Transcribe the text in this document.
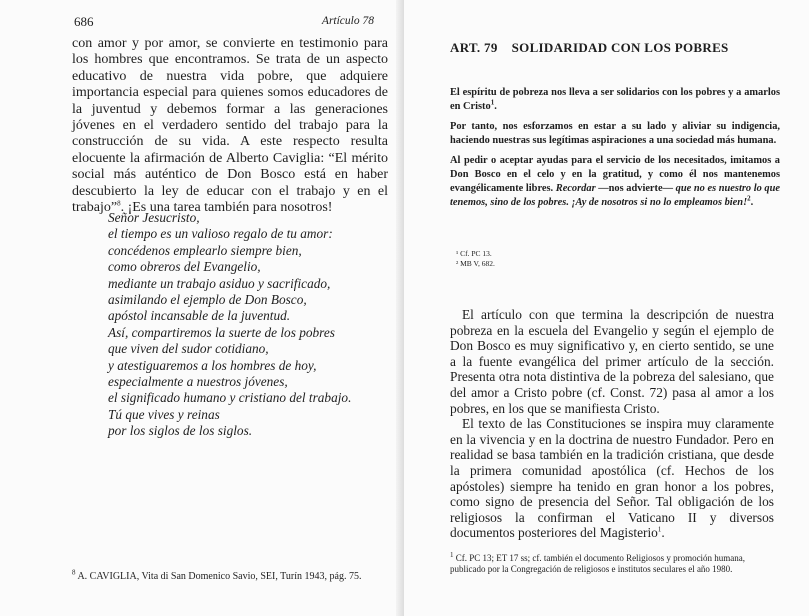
686	Artículo 78

con amor y por amor, se convierte en testimonio para los hombres que encontramos. Se trata de un aspecto educativo de nuestra vida pobre, que adquiere importancia especial para quienes somos educadores de la juventud y debemos formar a las generaciones jóvenes en el verdadero sentido del trabajo para la construcción de su vida. A este respecto resulta elocuente la afirmación de Alberto Caviglia: “El mérito social más auténtico de Don Bosco está en haber descubierto la ley de educar con el trabajo y en el trabajo”$^8$. ¡Es una tarea también para nosotros!

Señor Jesucristo,
el tiempo es un valioso regalo de tu amor:
concédenos emplearlo siempre bien,
como obreros del Evangelio,
mediante un trabajo asiduo y sacrificado,
asimilando el ejemplo de Don Bosco,
apóstol incansable de la juventud.
Así, compartiremos la suerte de los pobres
que viven del sudor cotidiano,
y atestiguaremos a los hombres de hoy,
especialmente a nuestros jóvenes,
el significado humano y cristiano del trabajo.
Tú que vives y reinas
por los siglos de los siglos.
$^8$ A. CAVIGLIA, Vita di San Domenico Savio, SEI, Turín 1943, pág. 75.
ART. 79 SOLIDARIDAD CON LOS POBRES

El espíritu de pobreza nos lleva a ser solidarios con los pobres y a amarlos en Cristo$^1$.

Por tanto, nos esforzamos en estar a su lado y aliviar su indigencia, haciendo nuestras sus legítimas aspiraciones a una sociedad más humana.

Al pedir o aceptar ayudas para el servicio de los necesitados, imitamos a Don Bosco en el celo y en la gratitud, y como él nos mantenemos evangélicamente libres. Recordar —nos advierte— que no es nuestro lo que tenemos, sino de los pobres. ¡Ay de nosotros si no lo empleamos bien!$^2$.

¹ Cf. PC 13.
² MB V, 682.

El artículo con que termina la descripción de nuestra pobreza en la escuela del Evangelio y según el ejemplo de Don Bosco es muy significativo y, en cierto sentido, se une a la fuente evangélica del primer artículo de la sección. Presenta otra nota distintiva de la pobreza del salesiano, que del amor a Cristo pobre (cf. Const. 72) pasa al amor a los pobres, en los que se manifiesta Cristo.

El texto de las Constituciones se inspira muy claramente en la vivencia y en la doctrina de nuestro Fundador. Pero en realidad se basa también en la tradición cristiana, que desde la primera comunidad apostólica (cf. Hechos de los apóstoles) siempre ha tenido en gran honor a los pobres, como signo de presencia del Señor. Tal obligación de los religiosos la confirman el Vaticano II y diversos documentos posteriores del Magisterio$^1$.

$^1$ Cf. PC 13; ET 17 ss; cf. también el documento Religiosos y promoción humana, publicado por la Congregación de religiosos e institutos seculares el año 1980.
